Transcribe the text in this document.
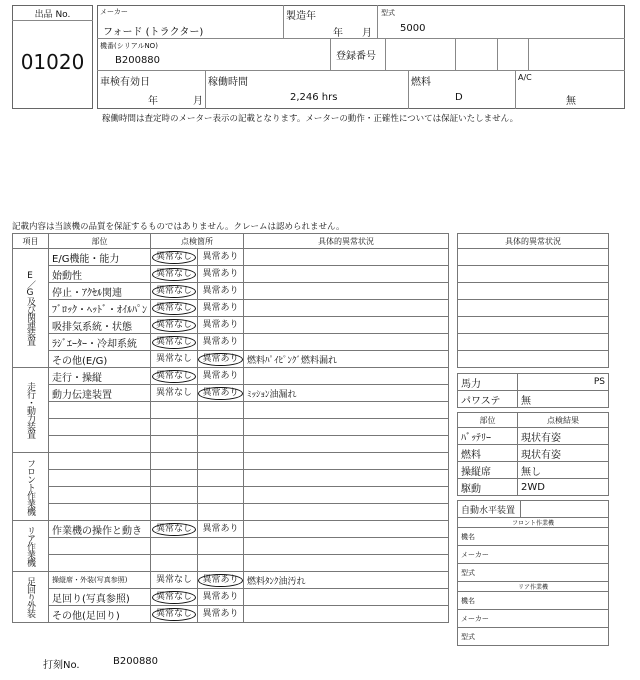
出品 No.
01020
メーカー
フォード (トラクター)
製造年
年 月
型式
5000
機番(シリアルNO)
B200880	登録番号
車検有効日
年	月
稼働時間
2,246 hrs
燃料
D
A/C
無
稼働時間は査定時のメーター表示の記載となります。メーターの動作・正確性については保証いたしません。
記載内容は当該機の品質を保証するものではありません。クレームは認められません。
項目	部位	点検箇所		具体的異常状況
E／G及び関連装置	E/G機能・能力	異常なし	異常あり	
	始動性	異常なし	異常あり	
	停止・ｱｸｾﾙ関連	異常なし	異常あり	
	ﾌﾞﾛｯｸ・ﾍｯﾄﾞ・ｵｲﾙﾊﾟﾝ	異常なし	異常あり	
	吸排気系統・状態	異常なし	異常あり	
	ﾗｼﾞｴｰﾀｰ・冷却系統	異常なし	異常あり	
	その他(E/G)	異常なし	異常あり	燃料ﾊﾟｲﾋﾟﾝｸﾞ燃料漏れ
走行・動力装置	走行・操縦	異常なし	異常あり	
	動力伝達装置	異常なし	異常あり	ﾐｯｼｮﾝ油漏れ

フロント作業機				

リア作業機	作業機の操作と動き	異常なし	異常あり	

足回り外装	操縦席・外装(写真参照)	異常なし	異常あり	燃料ﾀﾝｸ油汚れ
	足回り(写真参照)	異常なし	異常あり	
	その他(足回り)	異常なし	異常あり	
具体的異常状況

馬力	PS
パワステ	無
部位	点検結果
ﾊﾞｯﾃﾘｰ	現状有姿
燃料	現状有姿
操縦席	無し
駆動	2WD
自動水平装置	
フロント作業機
機名
メーカー
型式
リア作業機
機名
メーカー
型式
打刻No.	B200880
